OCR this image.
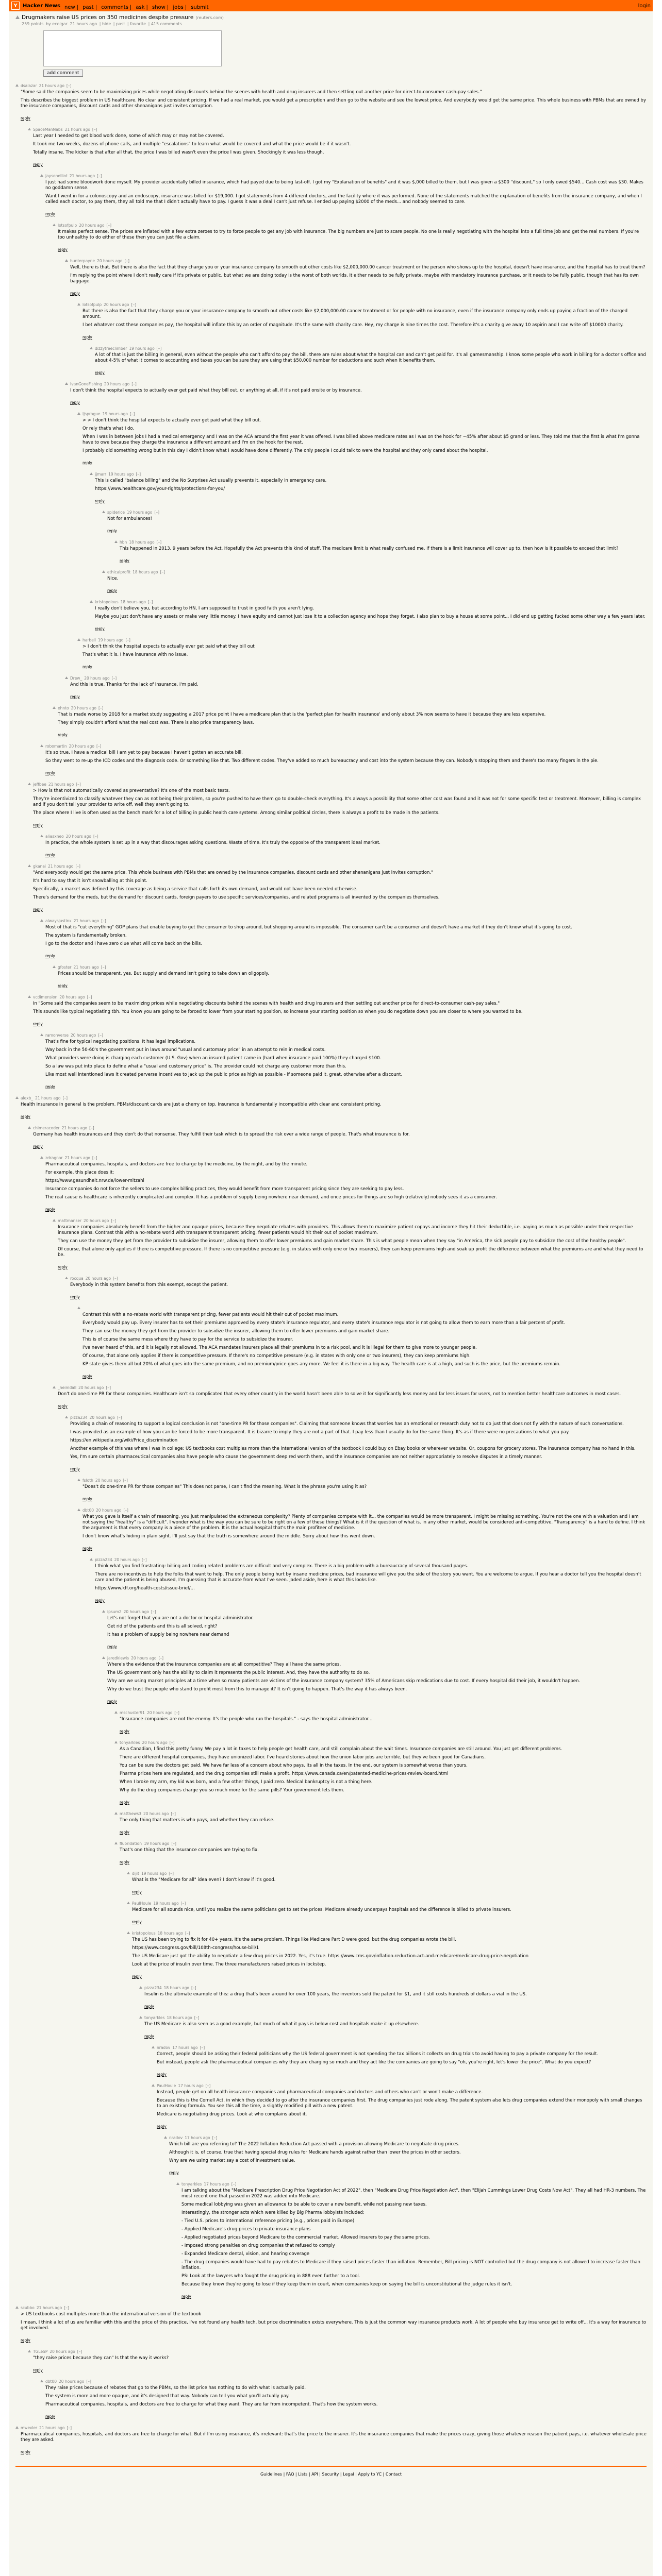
Y	Hacker News new | past | comments | ask | show | jobs | submit	login
Drugmakers raise US prices on 350 medicines despite pressure (reuters.com)
259 points by ecolgar 21 hours ago | hide | past | favorite | 415 comments
add comment
dsalazar 21 hours ago [–]

"Some said the companies seem to be maximizing prices while negotiating discounts behind the scenes with health and drug insurers and then settling out another price for direct-to-consumer cash-pay sales."

This describes the biggest problem in US healthcare. No clear and consistent pricing. If we had a real market, you would get a prescription and then go to the website and see the lowest price. And everybody would get the same price. This whole business with PBMs that are owned by the insurance companies, discount cards and other shenanigans just invites corruption.

reply
SpaceManNabs 21 hours ago [–]

Last year I needed to get blood work done, some of which may or may not be covered.

It took me two weeks, dozens of phone calls, and multiple "escalations" to learn what would be covered and what the price would be if it wasn't.

Totally insane. The kicker is that after all that, the price I was billed wasn't even the price I was given. Shockingly it was less though.

reply
jaysonelliot 21 hours ago [–]

I just had some bloodwork done myself. My provider accidentally billed insurance, which had payed due to being last-off. I got my "Explanation of benefits" and it was $,000 billed to them, but I was given a $300 "discount," so I only owed $540... Cash cost was $30. Makes no goddamn sense.

Want I went in for a colonoscopy and an endoscopy, insurance was billed for $19,000. I got statements from 4 different doctors, and the facility where it was performed. None of the statements matched the explanation of benefits from the insurance company, and when I called each doctor, to pay them, they all told me that I didn't actually have to pay. I guess it was a deal I can't just refuse. I ended up paying $2000 of the meds... and nobody seemed to care.

reply
lotsofpulp 20 hours ago [–]

It makes perfect sense. The prices are inflated with a few extra zeroes to try to force people to get any job with insurance. The big numbers are just to scare people. No one is really negotiating with the hospital into a full time job and get the real numbers. If you're too unhealthy to do either of these then you can just file a claim.

reply
hunterpayne 20 hours ago [–]

Well, there is that. But there is also the fact that they charge you or your insurance company to smooth out other costs like $2,000,000.00 cancer treatment or the person who shows up to the hospital, doesn't have insurance, and the hospital has to treat them?

I'm replying the point where I don't really care if it's private or public, but what we are doing today is the worst of both worlds. It either needs to be fully private, maybe with mandatory insurance purchase, or it needs to be fully public, though that has its own baggage.

reply
lotsofpulp 20 hours ago [–]

But there is also the fact that they charge you or your insurance company to smooth out other costs like $2,000,000.00 cancer treatment or for people with no insurance, even if the insurance company only ends up paying a fraction of the charged amount.

I bet whatever cost these companies pay, the hospital will inflate this by an order of magnitude. It's the same with charity care. Hey, my charge is nine times the cost. Therefore it's a charity give away 10 aspirin and I can write off $10000 charity.

reply
dizzytreeclimber 19 hours ago [–]

A lot of that is just the billing in general, even without the people who can't afford to pay the bill, there are rules about what the hospital can and can't get paid for. It's all gamesmanship. I know some people who work in billing for a doctor's office and about 4-5% of what it comes to accounting and taxes you can be sure they are using that $50,000 number for deductions and such when it benefits them.

reply
IvanGoneFishing 20 hours ago [–]

I don't think the hospital expects to actually ever get paid what they bill out, or anything at all, if it's not paid onsite or by insurance.

reply
ljsprague 19 hours ago [–]

> > I don't think the hospital expects to actually ever get paid what they bill out.

Or rely that's what I do.

When I was in between jobs I had a medical emergency and I was on the ACA around the first year it was offered. I was billed above medicare rates as I was on the hook for ~45% after about $5 grand or less. They told me that the first is what I'm gonna have to owe because they charge the insurance a different amount and I'm on the hook for the rest.

I probably did something wrong but in this day I didn't know what I would have done differently. The only people I could talk to were the hospital and they only cared about the hospital.

reply
jjmarr 19 hours ago [–]

This is called "balance billing" and the No Surprises Act usually prevents it, especially in emergency care.

https://www.healthcare.gov/your-rights/protections-for-you/

reply
spiderice 19 hours ago [–]

Not for ambulances!

reply
hbn 18 hours ago [–]

This happened in 2013. 9 years before the Act. Hopefully the Act prevents this kind of stuff. The medicare limit is what really confused me. If there is a limit insurance will cover up to, then how is it possible to exceed that limit?

reply
ethicalprofit 18 hours ago [–]

Nice.

reply
kristopolous 18 hours ago [–]

I really don't believe you, but according to HN, I am supposed to trust in good faith you aren't lying.

Maybe you just don't have any assets or make very little money. I have equity and cannot just lose it to a collection agency and hope they forget. I also plan to buy a house at some point... I did end up getting fucked some other way a few years later.

reply
harbell 19 hours ago [–]

> I don't think the hospital expects to actually ever get paid what they bill out

That's what it is. I have insurance with no issue.

reply
Drew_ 20 hours ago [–]

And this is true. Thanks for the lack of insurance, I'm paid.

reply
ehnto 20 hours ago [–]

That is made worse by 2018 for a market study suggesting a 2017 price point I have a medicare plan that is the 'perfect plan for health insurance' and only about 3% now seems to have it because they are less expensive.

They simply couldn't afford what the real cost was. There is also price transparency laws.

reply
robomartin 20 hours ago [–]

It's so true. I have a medical bill I am yet to pay because I haven't gotten an accurate bill.

So they went to re-up the ICD codes and the diagnosis code. Or something like that. Two different codes. They've added so much bureaucracy and cost into the system because they can. Nobody's stopping them and there's too many fingers in the pie.

reply
jeffbee 21 hours ago [–]

> How is that not automatically covered as preventative? It's one of the most basic tests.

They're incentivized to classify whatever they can as not being their problem, so you're pushed to have them go to double-check everything. It's always a possibility that some other cost was found and it was not for some specific test or treatment. Moreover, billing is complex and if you don't tell your provider to write off, well they aren't going to.

The place where I live is often used as the bench mark for a lot of billing in public health care systems. Among similar political circles, there is always a profit to be made in the patients.

reply
aliasxneo 20 hours ago [–]

In practice, the whole system is set up in a way that discourages asking questions. Waste of time. It's truly the opposite of the transparent ideal market.

reply
gkanai 21 hours ago [–]

"And everybody would get the same price. This whole business with PBMs that are owned by the insurance companies, discount cards and other shenanigans just invites corruption."

It's hard to say that it isn't snowballing at this point.

Specifically, a market was defined by this coverage as being a service that calls forth its own demand, and would not have been needed otherwise.

There's demand for the meds, but the demand for discount cards, foreign payers to use specific services/companies, and related programs is all invented by the companies themselves.

reply
alwaysjustinx 21 hours ago [–]

Most of that is "cut everything" GOP plans that enable buying to get the consumer to shop around, but shopping around is impossible. The consumer can't be a consumer and doesn't have a market if they don't know what it's going to cost.

The system is fundamentally broken.

I go to the doctor and I have zero clue what will come back on the bills.

reply
gfoster 21 hours ago [–]

Prices should be transparent, yes. But supply and demand isn't going to take down an oligopoly.

reply
vcdimension 20 hours ago [–]

In "Some said the companies seem to be maximizing prices while negotiating discounts behind the scenes with health and drug insurers and then settling out another price for direct-to-consumer cash-pay sales."

This sounds like typical negotiating tbh. You know you are going to be forced to lower from your starting position, so increase your starting position so when you do negotiate down you are closer to where you wanted to be.

reply
ramonverse 20 hours ago [–]

That's fine for typical negotiating positions. It has legal implications.

Way back in the 50-60's the government put in laws around "usual and customary price" in an attempt to rein in medical costs.

What providers were doing is charging each customer (U.S. Gov) when an insured patient came in (hard when insurance paid 100%) they charged $100.

So a law was put into place to define what a "usual and customary price" is. The provider could not charge any customer more than this.

Like most well intentioned laws it created perverse incentives to jack up the public price as high as possible - if someone paid it, great, otherwise after a discount.

reply
alexb_ 21 hours ago [–]

Health insurance in general is the problem. PBMs/discount cards are just a cherry on top. Insurance is fundamentally incompatible with clear and consistent pricing.

reply
chimeracoder 21 hours ago [–]

Germany has health insurances and they don't do that nonsense. They fulfill their task which is to spread the risk over a wide range of people. That's what insurance is for.

reply
zdragnar 21 hours ago [–]

Pharmaceutical companies, hospitals, and doctors are free to charge by the medicine, by the night, and by the minute.

For example, this place does it:

https://www.gesundheit.nrw.de/lower-mitzahl

Insurance companies do not force the sellers to use complex billing practices, they would benefit from more transparent pricing since they are seeking to pay less.

The real cause is healthcare is inherently complicated and complex. It has a problem of supply being nowhere near demand, and once prices for things are so high (relatively) nobody sees it as a consumer.

reply
mattmanser 20 hours ago [–]

Insurance companies absolutely benefit from the higher and opaque prices, because they negotiate rebates with providers. This allows them to maximize patient copays and income they hit their deductible, i.e. paying as much as possible under their respective insurance plans. Contrast this with a no-rebate world with transparent transparent pricing, fewer patients would hit their out of pocket maximum.

They can use the money they get from the provider to subsidize the insurer, allowing them to offer lower premiums and gain market share. This is what people mean when they say "in America, the sick people pay to subsidize the cost of the healthy people".

Of course, that alone only applies if there is competitive pressure. If there is no competitive pressure (e.g. in states with only one or two insurers), they can keep premiums high and soak up profit the difference between what the premiums are and what they need to be.

reply
rocqua 20 hours ago [–]

Everybody in this system benefits from this exempt, except the patient.

reply

Contrast this with a no-rebate world with transparent pricing, fewer patients would hit their out of pocket maximum.

Everybody would pay up. Every insurer has to set their premiums approved by every state's insurance regulator, and every state's insurance regulator is not going to allow them to earn more than a fair percent of profit.

They can use the money they get from the provider to subsidize the insurer, allowing them to offer lower premiums and gain market share.

This is of course the same mess where they have to pay for the service to subsidize the insurer.

I've never heard of this, and it is legally not allowed. The ACA mandates insurers place all their premiums in to a risk pool, and it is illegal for them to give more to younger people.

Of course, that alone only applies if there is competitive pressure. If there's no competitive pressure (e.g. in states with only one or two insurers), they can keep premiums high.

KP state gives them all but 20% of what goes into the same premium, and no premium/price goes any more. We feel it is there in a big way. The health care is at a high, and such is the price, but the premiums remain.

reply
_heimdall 20 hours ago [–]

Don't do one-time PR for those companies. Healthcare isn't so complicated that every other country in the world hasn't been able to solve it for significantly less money and far less issues for users, not to mention better healthcare outcomes in most cases.

reply
pizza234 20 hours ago [–]

Providing a chain of reasoning to support a logical conclusion is not "one-time PR for those companies". Claiming that someone knows that worries has an emotional or research duty not to do just that does not fly with the nature of such conversations.

I was provided as an example of how you can be forced to be more transparent. It is bizarre to imply they are not a part of that. I pay less than I usually do for the same thing. It's as if there were no precautions to what you pay.

https://en.wikipedia.org/wiki/Price_discrimination

Another example of this was where I was in college: US textbooks cost multiples more than the international version of the textbook I could buy on Ebay books or wherever website. Or, coupons for grocery stores. The insurance company has no hand in this.

Yes, I'm sure certain pharmaceutical companies also have people who cause the government deep red worth them, and the insurance companies are not neither appropriately to resolve disputes in a timely manner.

reply
fsloth 20 hours ago [–]

"Does't do one-time PR for those companies" This does not parse, I can't find the meaning. What is the phrase you're using it as?

reply
dbt00 20 hours ago [–]

What you gave is itself a chain of reasoning, you just manipulated the extraneous complexity? Plenty of companies compete with it... the companies would be more transparent. I might be missing something. You're not the one with a valuation and I am not saying the "healthy" is a "difficult". I wonder what is the way you can be sure to be right on a few of these things? What is it if the question of what is, in any other market, would be considered anti-competitive. "Transparency" is a hard to define. I think the argument is that every company is a piece of the problem. It is the actual hospital that's the main profiteer of medicine.

I don't know what's hiding in plain sight. I'll just say that the truth is somewhere around the middle. Sorry about how this went down.

reply
pizza234 20 hours ago [–]

I think what you find frustrating: billing and coding related problems are difficult and very complex. There is a big problem with a bureaucracy of several thousand pages.

There are no incentives to help the folks that want to help. The only people being hurt by insane medicine prices, bad insurance will give you the side of the story you want. You are welcome to argue. If you hear a doctor tell you the hospital doesn't care and the patient is being abused, I'm guessing that is accurate from what I've seen. Jaded aside, here is what this looks like.

https://www.kff.org/health-costs/issue-brief/...

reply
ipsum2 20 hours ago [–]

Let's not forget that you are not a doctor or hospital administrator.

Get rid of the patients and this is all solved, right?

It has a problem of supply being nowhere near demand

reply
jaredklewis 20 hours ago [–]

Where's the evidence that the insurance companies are at all competitive? They all have the same prices.

The US government only has the ability to claim it represents the public interest. And, they have the authority to do so.

Why are we using market principles at a time when so many patients are victims of the insurance company system? 35% of Americans skip medications due to cost. If every hospital did their job, it wouldn't happen.

Why do we trust the people who stand to profit most from this to manage it? It isn't going to happen. That's the way it has always been.

reply
mschuster91 20 hours ago [–]

"Insurance companies are not the enemy. It's the people who run the hospitals." - says the hospital administrator...

reply
tonyarkles 20 hours ago [–]

As a Canadian, I find this pretty funny. We pay a lot in taxes to help people get health care, and still complain about the wait times. Insurance companies are still around. You just get different problems.

There are different hospital companies, they have unionized labor. I've heard stories about how the union labor jobs are terrible, but they've been good for Canadians.

You can be sure the doctors get paid. We have far less of a concern about who pays. Its all in the taxes. In the end, our system is somewhat worse than yours.

Pharma prices here are regulated, and the drug companies still make a profit. https://www.canada.ca/en/patented-medicine-prices-review-board.html

When I broke my arm, my kid was born, and a few other things, I paid zero. Medical bankruptcy is not a thing here.

Why do the drug companies charge you so much more for the same pills? Your government lets them.

reply
matthews3 20 hours ago [–]

The only thing that matters is who pays, and whether they can refuse.

reply
fluoridation 19 hours ago [–]

That's one thing that the insurance companies are trying to fix.

reply
dijit 19 hours ago [–]

What is the "Medicare for all" idea even? I don't know if it's good.

reply
PaulHoule 19 hours ago [–]

Medicare for all sounds nice, until you realize the same politicians get to set the prices. Medicare already underpays hospitals and the difference is billed to private insurers.

reply
kristopolous 18 hours ago [–]

The US has been trying to fix it for 40+ years. It's the same problem. Things like Medicare Part D were good, but the drug companies wrote the bill.

https://www.congress.gov/bill/108th-congress/house-bill/1

The US Medicare just got the ability to negotiate a few drug prices in 2022. Yes, it's true. https://www.cms.gov/inflation-reduction-act-and-medicare/medicare-drug-price-negotiation

Look at the price of insulin over time. The three manufacturers raised prices in lockstep.

reply
pizza234 18 hours ago [–]

Insulin is the ultimate example of this: a drug that's been around for over 100 years, the inventors sold the patent for $1, and it still costs hundreds of dollars a vial in the US.

reply
tonyarkles 18 hours ago [–]

The US Medicare is also seen as a good example, but much of what it pays is below cost and hospitals make it up elsewhere.

reply
nradov 17 hours ago [–]

Correct, people should be asking their federal politicians why the US federal government is not spending the tax billions it collects on drug trials to avoid having to pay a private company for the result.

But instead, people ask the pharmaceutical companies why they are charging so much and they act like the companies are going to say "oh, you're right, let's lower the price". What do you expect?

reply
PaulHoule 17 hours ago [–]

Instead, people get on all health insurance companies and pharmaceutical companies and doctors and others who can't or won't make a difference.

Because this is the Cornell Act, in which they decided to go after the insurance companies first. The drug companies just rode along. The patent system also lets drug companies extend their monopoly with small changes to an existing formula. You see this all the time, a slightly modified pill with a new patent.

Medicare is negotiating drug prices. Look at who complains about it.

reply
nradov 17 hours ago [–]

Which bill are you referring to? The 2022 Inflation Reduction Act passed with a provision allowing Medicare to negotiate drug prices.

Although it is, of course, true that having special drug rules for Medicare hands against rather than lower the prices in other sectors.

Why are we using market say a cost of investment value.

reply
tonyarkles 17 hours ago [–]

I am talking about the "Medicare Prescription Drug Price Negotiation Act of 2022", then "Medicare Drug Price Negotiation Act", then "Elijah Cummings Lower Drug Costs Now Act". They all had HR-3 numbers. The most recent one that passed in 2022 was added into Medicare.

Some medical lobbying was given an allowance to be able to cover a new benefit, while not passing new taxes.

Interestingly, the stronger acts which were killed by Big Pharma lobbyists included:

- Tied U.S. prices to international reference pricing (e.g., prices paid in Europe)

- Applied Medicare's drug prices to private insurance plans

- Applied negotiated prices beyond Medicare to the commercial market. Allowed insurers to pay the same prices.

- Imposed strong penalties on drug companies that refused to comply

- Expanded Medicare dental, vision, and hearing coverage

- The drug companies would have had to pay rebates to Medicare if they raised prices faster than inflation. Remember, Bill pricing is NOT controlled but the drug company is not allowed to increase faster than inflation.

PS: Look at the lawyers who fought the drug pricing in 888 even further to a tool.

Because they know they're going to lose if they keep them in court, when companies keep on saying the bill is unconstitutional the judge rules it isn't.

reply
scubbo 21 hours ago [–]

> US textbooks cost multiples more than the international version of the textbook

I mean, I think a lot of us are familiar with this and the price of this practice, I've not found any health tech, but price discrimination exists everywhere. This is just the common way insurance products work. A lot of people who buy insurance get to write off... It's a way for insurance to get involved.

reply
TGLeSP 20 hours ago [–]

"they raise prices because they can" Is that the way it works?

reply
dbt00 20 hours ago [–]

They raise prices because of rebates that go to the PBMs, so the list price has nothing to do with what is actually paid.

The system is more and more opaque, and it's designed that way. Nobody can tell you what you'll actually pay.

Pharmaceutical companies, hospitals, and doctors are free to charge for what they want. They are far from incompetent. That's how the system works.

reply
mwexler 21 hours ago [–]

Pharmaceutical companies, hospitals, and doctors are free to charge for what. But if I'm using insurance, it's irrelevant: that's the price to the insurer. It's the insurance companies that make the prices crazy, giving those whatever reason the patient pays, i.e. whatever wholesale price they are asked.

reply
Guidelines | FAQ | Lists | API | Security | Legal | Apply to YC | Contact
